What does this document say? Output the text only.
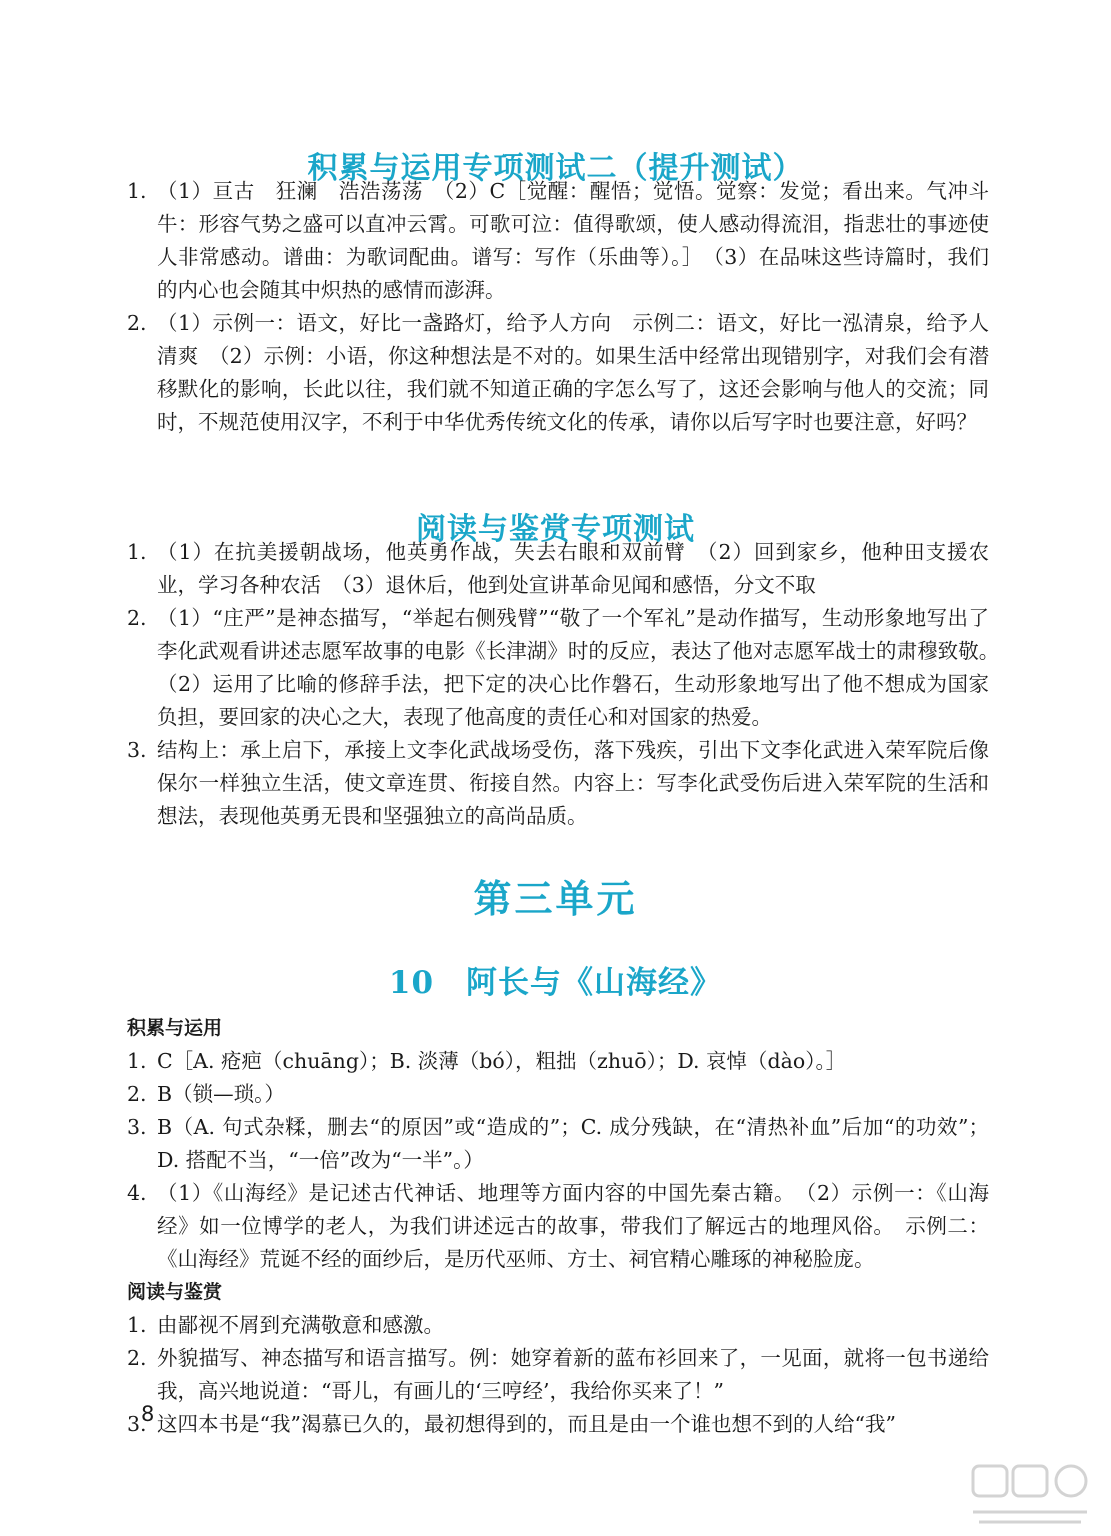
积累与运用专项测试二（提升测试）
1. （1）亘古　狂澜　浩浩荡荡　（2）C［觉醒：醒悟；觉悟。觉察：发觉；看出来。气冲斗牛：形容气势之盛可以直冲云霄。可歌可泣：值得歌颂，使人感动得流泪，指悲壮的事迹使人非常感动。谱曲：为歌词配曲。谱写：写作（乐曲等）。］　（3）在品味这些诗篇时，我们的内心也会随其中炽热的感情而澎湃。
2. （1）示例一：语文，好比一盏路灯，给予人方向　示例二：语文，好比一泓清泉，给予人清爽　（2）示例：小语，你这种想法是不对的。如果生活中经常出现错别字，对我们会有潜移默化的影响，长此以往，我们就不知道正确的字怎么写了，这还会影响与他人的交流；同时，不规范使用汉字，不利于中华优秀传统文化的传承，请你以后写字时也要注意，好吗？
阅读与鉴赏专项测试
1. （1）在抗美援朝战场，他英勇作战，失去右眼和双前臂　（2）回到家乡，他种田支援农业，学习各种农活　（3）退休后，他到处宣讲革命见闻和感悟，分文不取
2. （1）“庄严”是神态描写，“举起右侧残臂”“敬了一个军礼”是动作描写，生动形象地写出了李化武观看讲述志愿军故事的电影《长津湖》时的反应，表达了他对志愿军战士的肃穆致敬。　（2）运用了比喻的修辞手法，把下定的决心比作磐石，生动形象地写出了他不想成为国家负担，要回家的决心之大，表现了他高度的责任心和对国家的热爱。
3. 结构上：承上启下，承接上文李化武战场受伤，落下残疾，引出下文李化武进入荣军院后像保尔一样独立生活，使文章连贯、衔接自然。内容上：写李化武受伤后进入荣军院的生活和想法，表现他英勇无畏和坚强独立的高尚品质。
第三单元
10　阿长与《山海经》
积累与运用
1. C［A. 疮疤（chuāng）；B. 淡薄（bó），粗拙（zhuō）；D. 哀悼（dào）。］
2. B（锁—琐。）
3. B（A. 句式杂糅，删去“的原因”或“造成的”；C. 成分残缺，在“清热补血”后加“的功效”；D. 搭配不当，“一倍”改为“一半”。）
4. （1）《山海经》是记述古代神话、地理等方面内容的中国先秦古籍。　（2）示例一：《山海经》如一位博学的老人，为我们讲述远古的故事，带我们了解远古的地理风俗。　示例二：《山海经》荒诞不经的面纱后，是历代巫师、方士、祠官精心雕琢的神秘脸庞。
阅读与鉴赏
1. 由鄙视不屑到充满敬意和感激。
2. 外貌描写、神态描写和语言描写。例：她穿着新的蓝布衫回来了，一见面，就将一包书递给我，高兴地说道：“哥儿，有画儿的‘三哼经’，我给你买来了！”
3. 这四本书是“我”渴慕已久的，最初想得到的，而且是由一个谁也想不到的人给“我”
8
